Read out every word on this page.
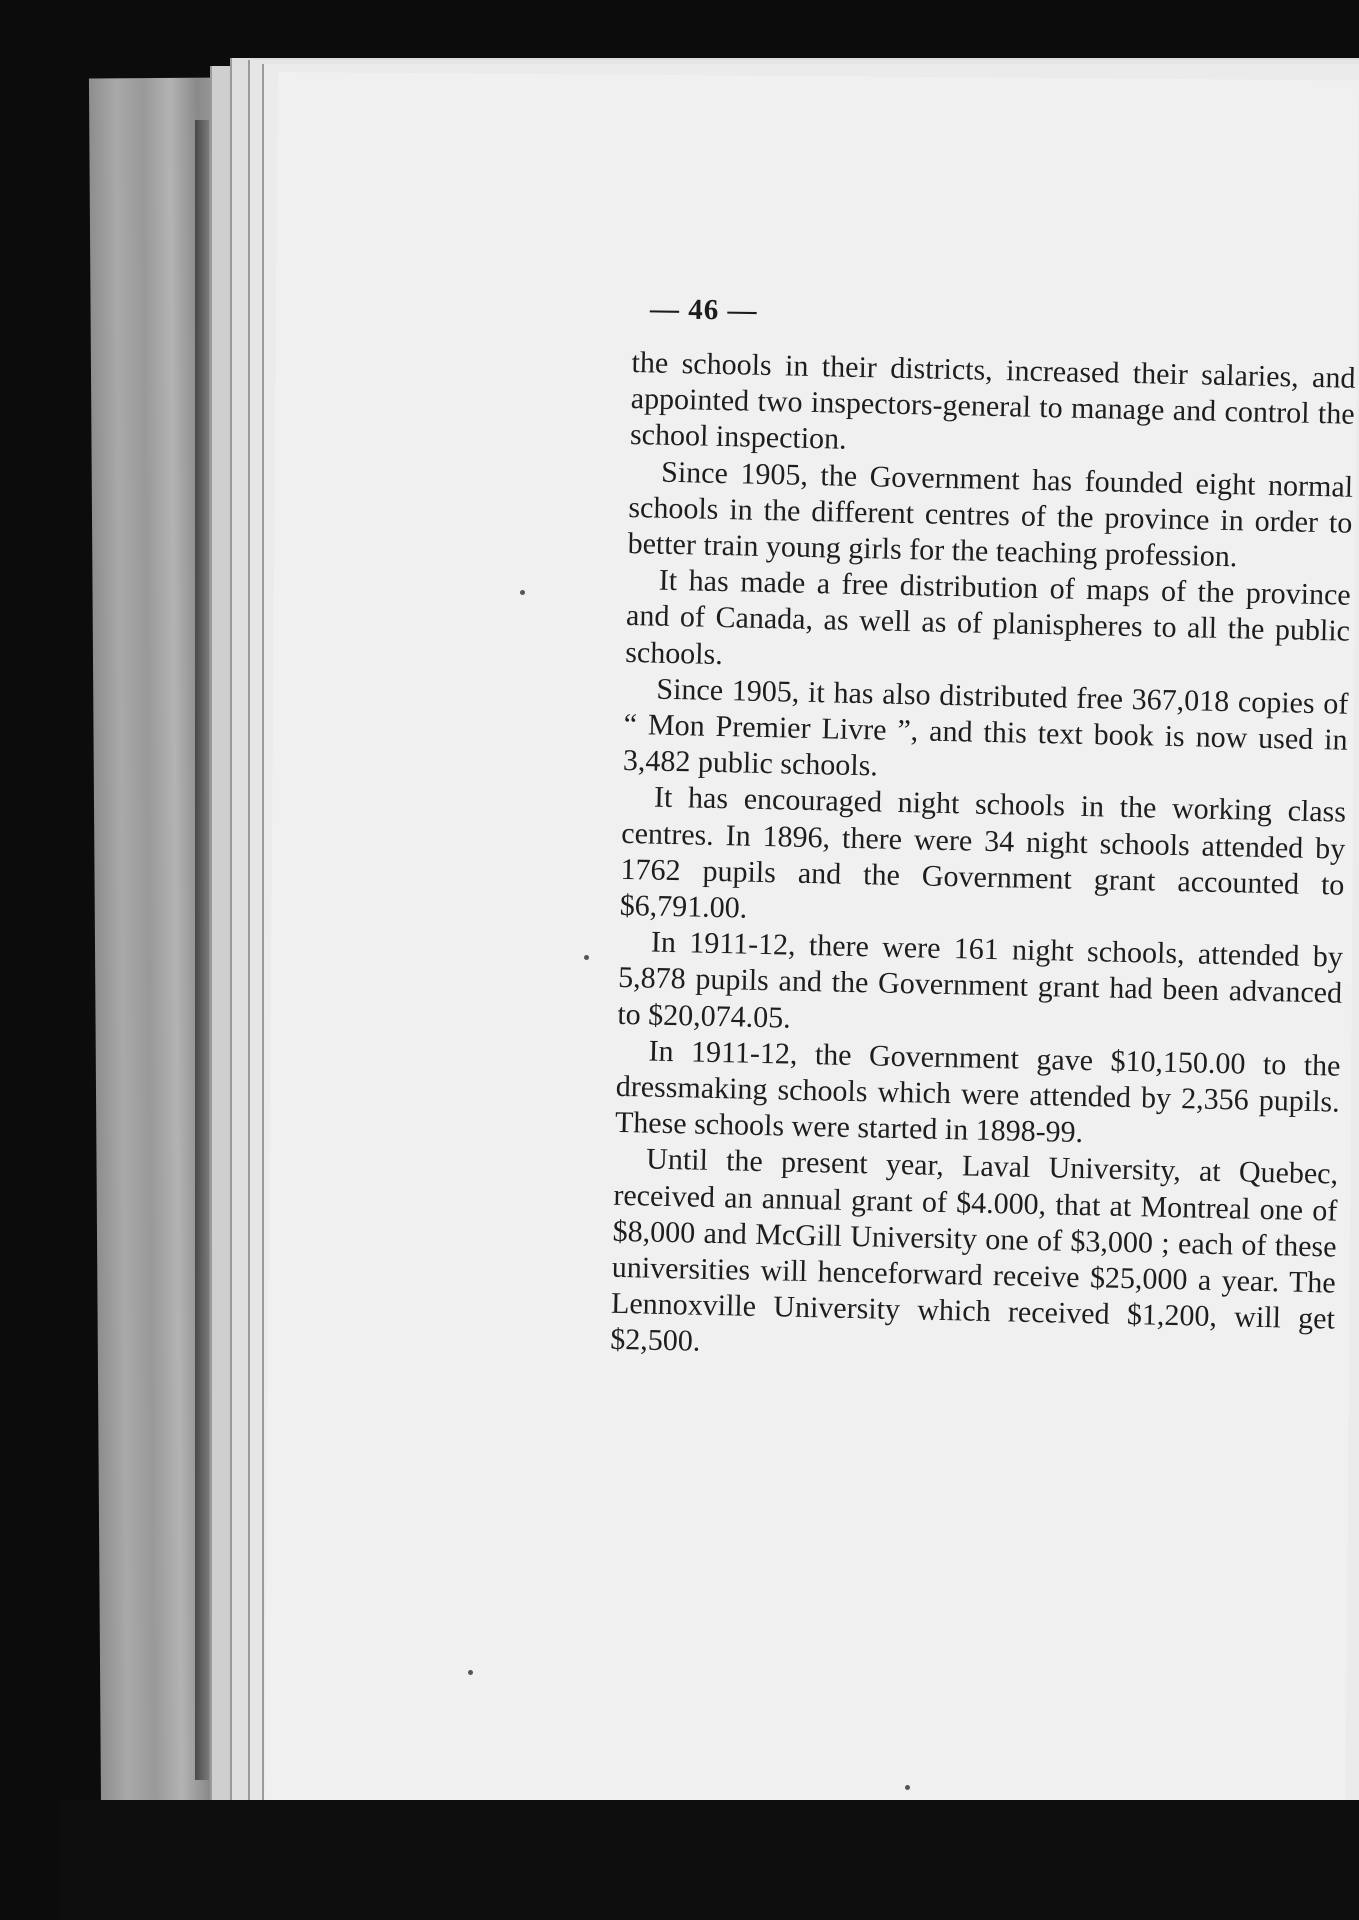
— 46 —

the schools in their districts, increased their salaries, and appointed two inspectors-general to manage and control the school inspection.

Since 1905, the Government has founded eight normal schools in the different centres of the province in order to better train young girls for the teaching profession.

It has made a free distribution of maps of the province and of Canada, as well as of planispheres to all the public schools.

Since 1905, it has also distributed free 367,018 copies of “ Mon Premier Livre ”, and this text book is now used in 3,482 public schools.

It has encouraged night schools in the working class centres. In 1896, there were 34 night schools attended by 1762 pupils and the Government grant accounted to $6,791.00.

In 1911-12, there were 161 night schools, attended by 5,878 pupils and the Government grant had been advanced to $20,074.05.

In 1911-12, the Government gave $10,150.00 to the dressmaking schools which were attended by 2,356 pupils. These schools were started in 1898-99.

Until the present year, Laval University, at Quebec, received an annual grant of $4.000, that at Montreal one of $8,000 and McGill University one of $3,000 ; each of these universities will henceforward receive $25,000 a year. The Lennoxville University which received $1,200, will get $2,500.
